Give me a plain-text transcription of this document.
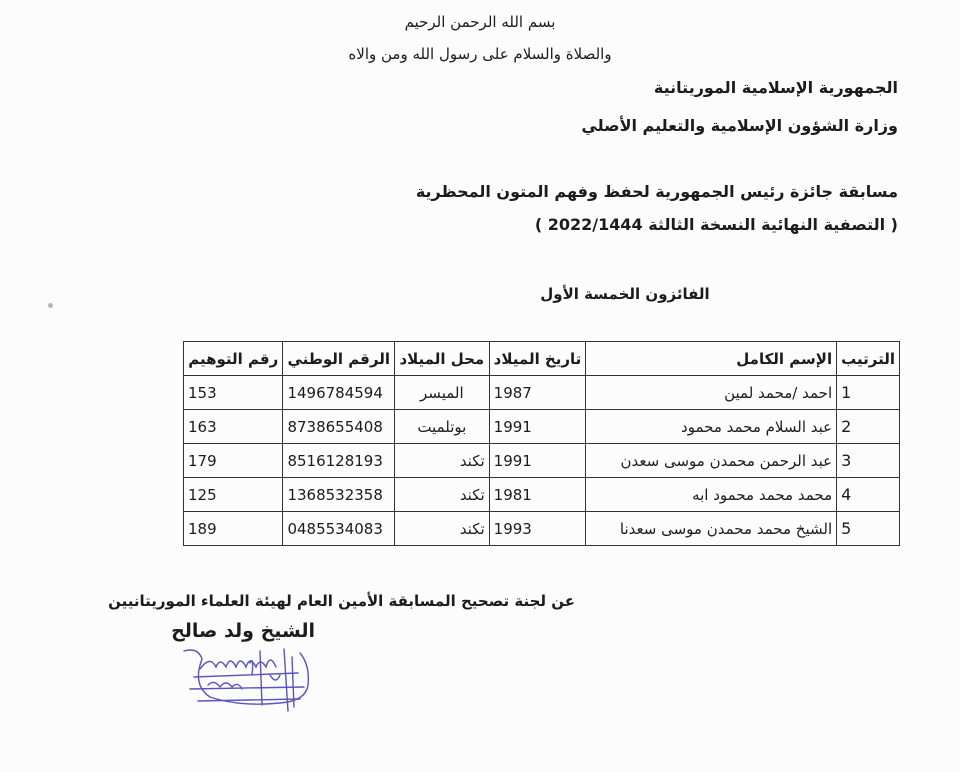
بسم الله الرحمن الرحيم
والصلاة والسلام على رسول الله ومن والاه
الجمهورية الإسلامية الموريتانية
وزارة الشؤون الإسلامية والتعليم الأصلي
مسابقة جائزة رئيس الجمهورية لحفظ وفهم المتون المحظرية
( التصفية النهائية النسخة الثالثة 2022/1444 )
الفائزون الخمسة الأول
الترتيب	الإسم الكامل	تاريخ الميلاد	محل الميلاد	الرقم الوطني	رقم التوهيم
1	احمد /محمد لمين	1987	الميسر	1496784594	153
2	عبد السلام محمد محمود	1991	بوتلميت	8738655408	163
3	عبد الرحمن محمدن موسى سعدن	1991	تكند	8516128193	179
4	محمد محمد محمود ابه	1981	تكند	1368532358	125
5	الشيخ محمد محمدن موسى سعدنا	1993	تكند	0485534083	189
عن لجنة تصحيح المسابقة الأمين العام لهيئة العلماء الموريتانيين
الشيخ ولد صالح
